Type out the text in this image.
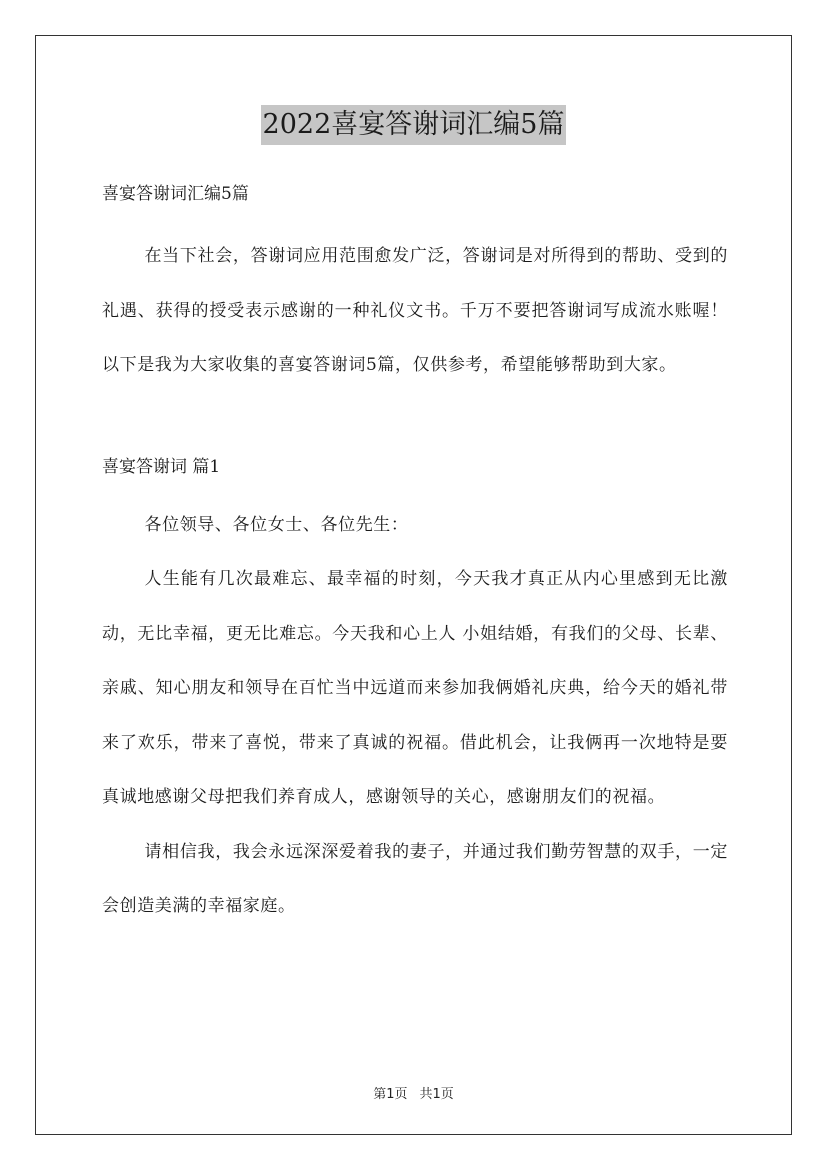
2022喜宴答谢词汇编5篇

喜宴答谢词汇编5篇

在当下社会，答谢词应用范围愈发广泛，答谢词是对所得到的帮助、受到的礼遇、获得的授受表示感谢的一种礼仪文书。千万不要把答谢词写成流水账喔！以下是我为大家收集的喜宴答谢词5篇，仅供参考，希望能够帮助到大家。

喜宴答谢词 篇1

各位领导、各位女士、各位先生：

人生能有几次最难忘、最幸福的时刻，今天我才真正从内心里感到无比激动，无比幸福，更无比难忘。今天我和心上人 小姐结婚，有我们的父母、长辈、亲戚、知心朋友和领导在百忙当中远道而来参加我俩婚礼庆典，给今天的婚礼带来了欢乐，带来了喜悦，带来了真诚的祝福。借此机会，让我俩再一次地特是要真诚地感谢父母把我们养育成人，感谢领导的关心，感谢朋友们的祝福。

请相信我，我会永远深深爱着我的妻子，并通过我们勤劳智慧的双手，一定会创造美满的幸福家庭。

第1页 共1页
